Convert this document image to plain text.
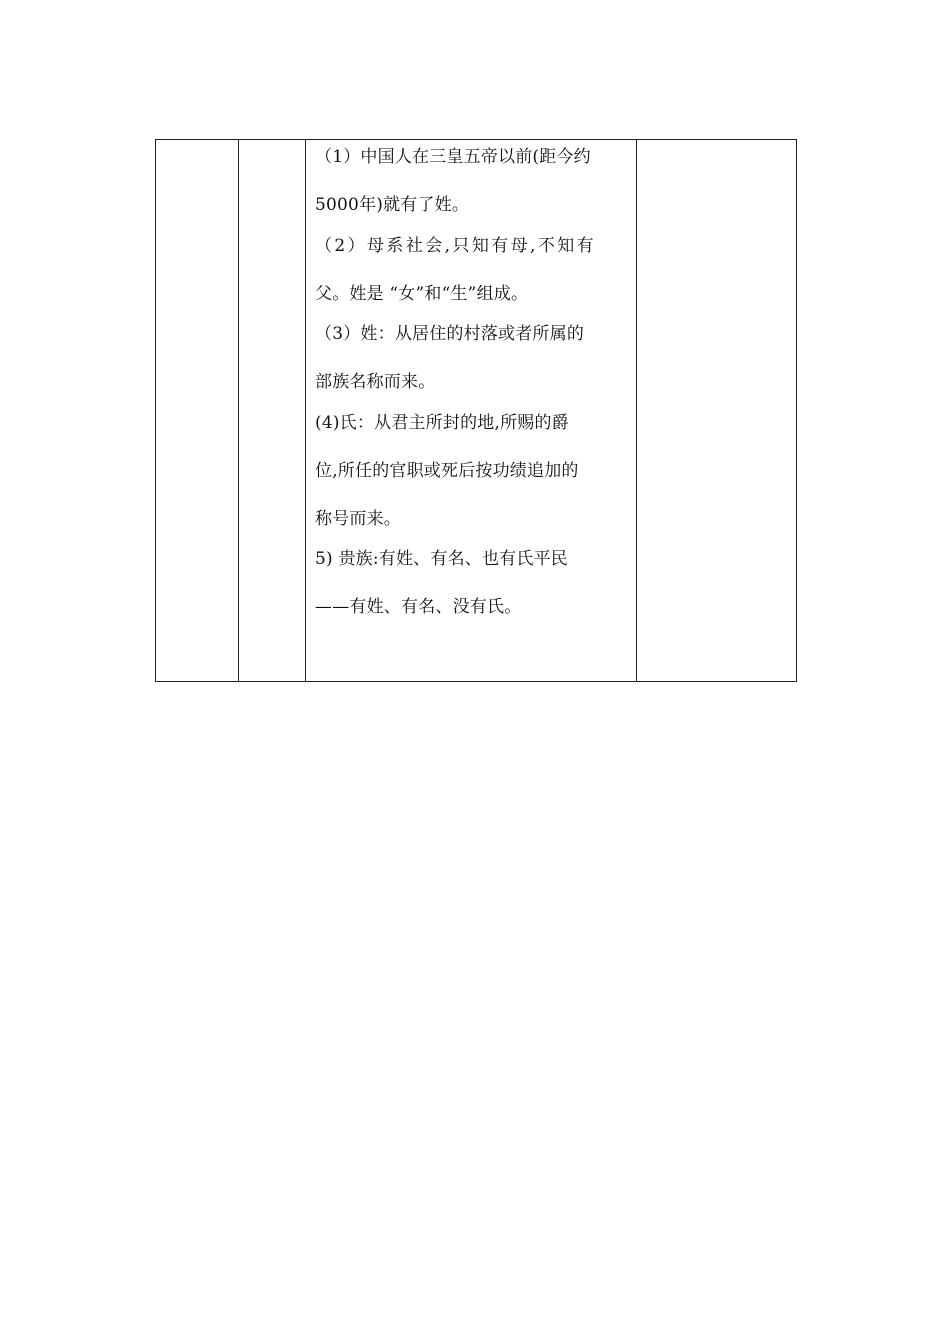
（1）中国人在三皇五帝以前(距今约
5000年)就有了姓。
（2）母系社会,只知有母,不知有
父。姓是 “女”和“生”组成。
（3）姓：从居住的村落或者所属的
部族名称而来。
(4)氏：从君主所封的地,所赐的爵
位,所任的官职或死后按功绩追加的
称号而来。
5) 贵族:有姓、有名、也有氏平民
——有姓、有名、没有氏。
